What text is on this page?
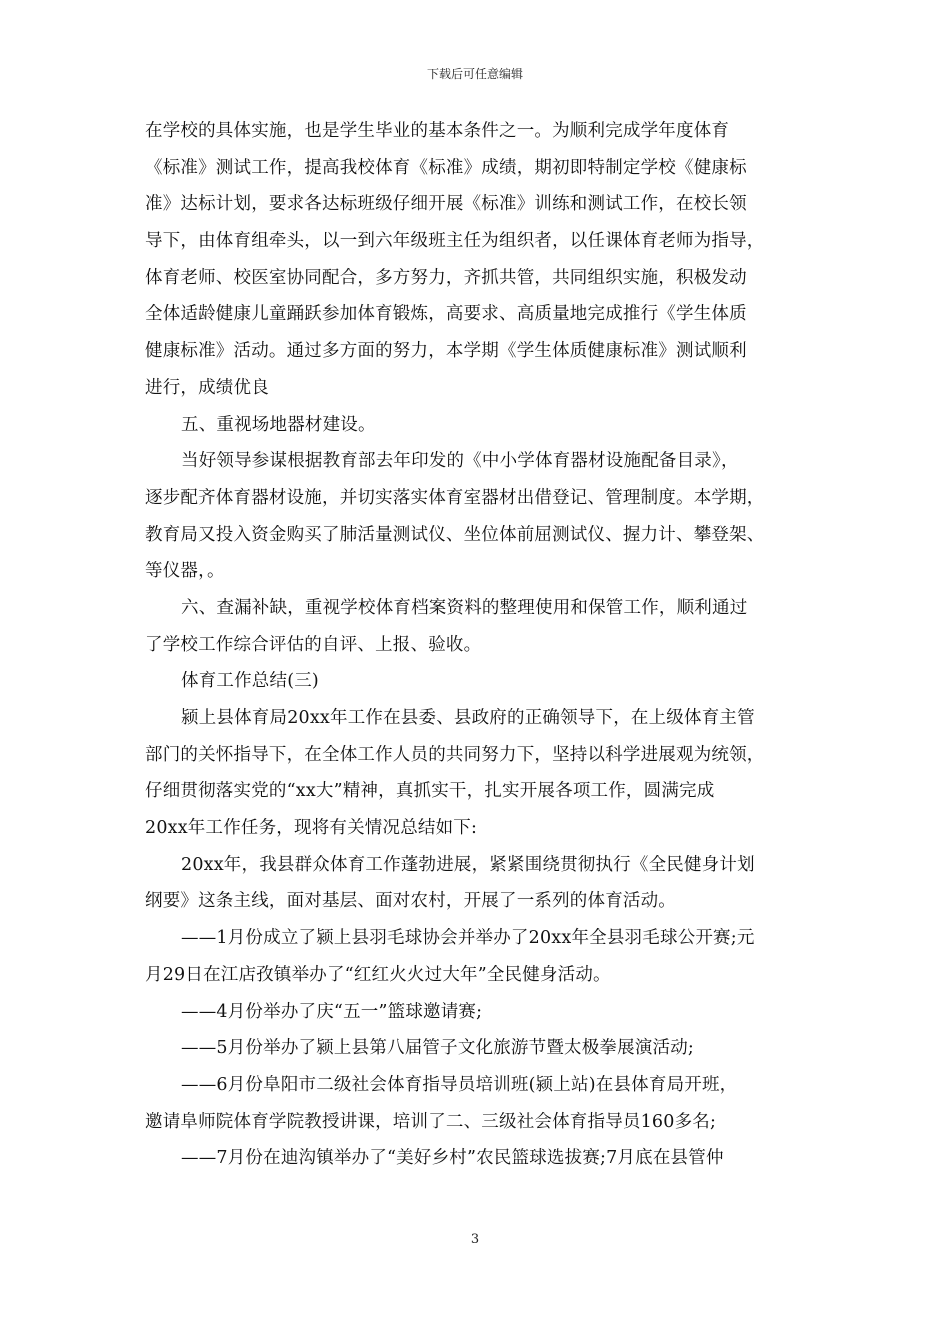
下载后可任意编辑
在学校的具体实施，也是学生毕业的基本条件之一。为顺利完成学年度体育
《标准》测试工作，提高我校体育《标准》成绩，期初即特制定学校《健康标
准》达标计划，要求各达标班级仔细开展《标准》训练和测试工作，在校长领
导下，由体育组牵头，以一到六年级班主任为组织者，以任课体育老师为指导，
体育老师、校医室协同配合，多方努力，齐抓共管，共同组织实施，积极发动
全体适龄健康儿童踊跃参加体育锻炼，高要求、高质量地完成推行《学生体质
健康标准》活动。通过多方面的努力，本学期《学生体质健康标准》测试顺利
进行，成绩优良
五、重视场地器材建设。
当好领导参谋根据教育部去年印发的《中小学体育器材设施配备目录》，
逐步配齐体育器材设施，并切实落实体育室器材出借登记、管理制度。本学期，
教育局又投入资金购买了肺活量测试仪、坐位体前屈测试仪、握力计、攀登架、
等仪器，。
六、查漏补缺，重视学校体育档案资料的整理使用和保管工作，顺利通过
了学校工作综合评估的自评、上报、验收。
体育工作总结(三)
颍上县体育局20xx年工作在县委、县政府的正确领导下，在上级体育主管
部门的关怀指导下，在全体工作人员的共同努力下，坚持以科学进展观为统领，
仔细贯彻落实党的“xx大”精神，真抓实干，扎实开展各项工作，圆满完成
20xx年工作任务，现将有关情况总结如下:
20xx年，我县群众体育工作蓬勃进展，紧紧围绕贯彻执行《全民健身计划
纲要》这条主线，面对基层、面对农村，开展了一系列的体育活动。
——1月份成立了颍上县羽毛球协会并举办了20xx年全县羽毛球公开赛;元
月29日在江店孜镇举办了“红红火火过大年”全民健身活动。
——4月份举办了庆“五一”篮球邀请赛;
——5月份举办了颍上县第八届管子文化旅游节暨太极拳展演活动;
——6月份阜阳市二级社会体育指导员培训班(颍上站)在县体育局开班，
邀请阜师院体育学院教授讲课，培训了二、三级社会体育指导员160多名;
——7月份在迪沟镇举办了“美好乡村”农民篮球选拔赛;7月底在县管仲
3
